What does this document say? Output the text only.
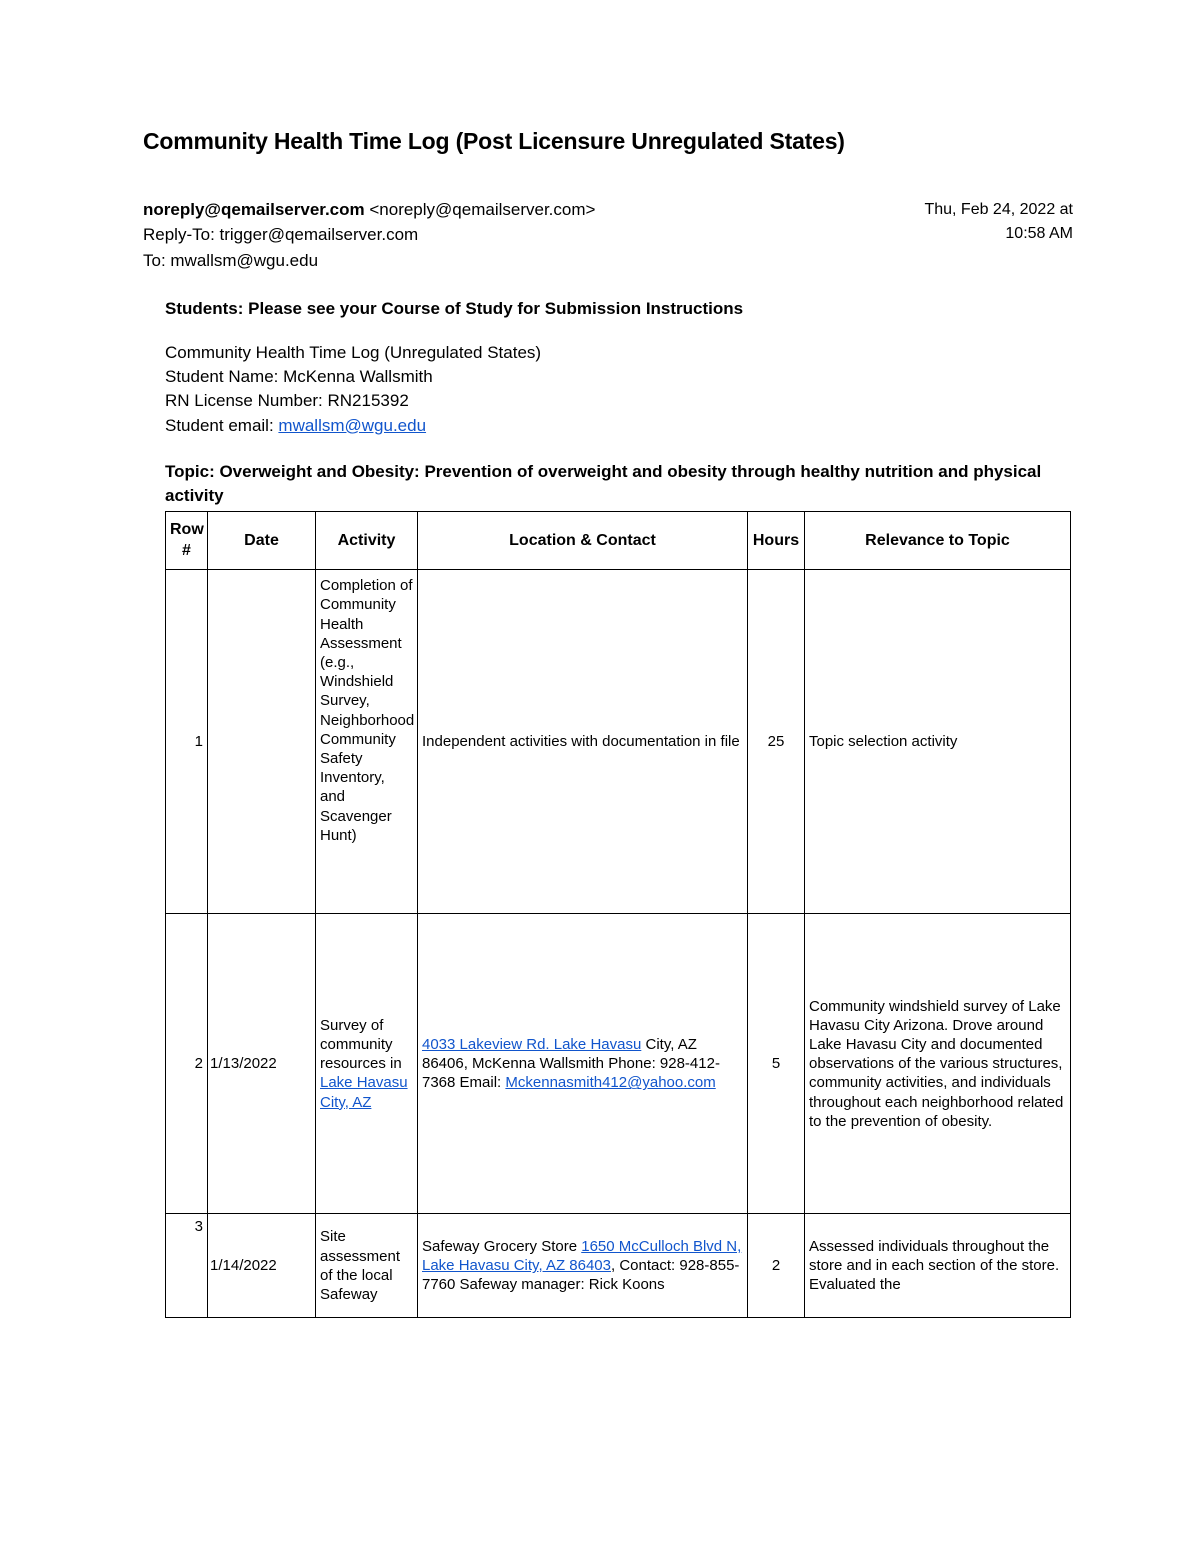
Community Health Time Log (Post Licensure Unregulated States)
Thu, Feb 24, 2022 at
10:58 AM
noreply@qemailserver.com <noreply@qemailserver.com>
Reply-To: trigger@qemailserver.com
To: mwallsm@wgu.edu
Students: Please see your Course of Study for Submission Instructions
Community Health Time Log (Unregulated States)
Student Name: McKenna Wallsmith
RN License Number: RN215392
Student email: mwallsm@wgu.edu
Topic: Overweight and Obesity: Prevention of overweight and obesity through healthy nutrition and physical activity
Row #	Date	Activity	Location & Contact	Hours	Relevance to Topic
1		Completion of Community Health Assessment (e.g., Windshield Survey, Neighborhood Community Safety Inventory, and Scavenger Hunt)	Independent activities with documentation in file	25	Topic selection activity
2	1/13/2022	Survey of community resources in Lake Havasu City, AZ	4033 Lakeview Rd. Lake Havasu City, AZ 86406, McKenna Wallsmith Phone: 928-412-7368 Email: Mckennasmith412@yahoo.com	5	Community windshield survey of Lake Havasu City Arizona. Drove around Lake Havasu City and documented observations of the various structures, community activities, and individuals throughout each neighborhood related to the prevention of obesity.
3	1/14/2022	Site assessment of the local Safeway	Safeway Grocery Store 1650 McCulloch Blvd N, Lake Havasu City, AZ 86403, Contact: 928-855-7760 Safeway manager: Rick Koons	2	Assessed individuals throughout the store and in each section of the store. Evaluated the
